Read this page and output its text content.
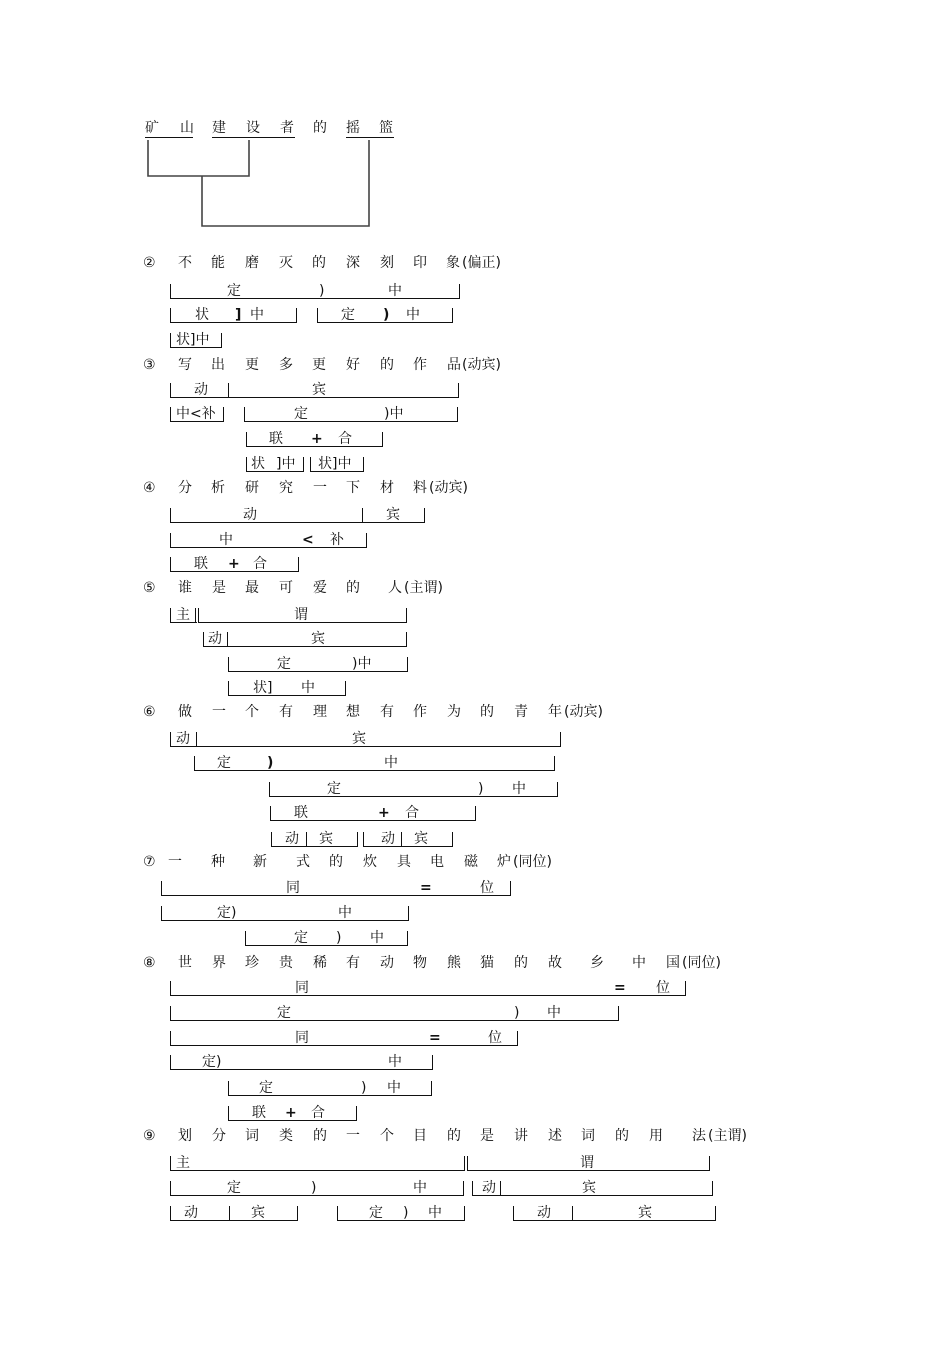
矿 山 建 设 者 的 摇 篮
② 不 能 磨 灭 的 深 刻 印 象 (偏正)
定	)	中
状 ] 中	定 ) 中
状]中
③ 写 出 更 多 更 好 的 作 品 (动宾)
动	宾
中<补	定	)中
联 + 合
状 ]中 状]中
④ 分 析 研 究 一 下 材 料 (动宾)
动	宾
中	< 补
联 + 合
⑤ 谁 是 最 可 爱 的 人 (主谓)
主	谓
动	宾
定	)中
状] 中
⑥ 做 一 个 有 理 想 有 作 为 的 青 年 (动宾)
动	宾
定	)	中
定	) 中
联	+ 合
动 宾	动 宾
⑦ 一 种 新 式 的 炊 具 电 磁 炉 (同位)
同	=	位
定)	中
定 ) 中
⑧ 世 界 珍 贵 稀 有 动 物 熊 猫 的 故 乡 中 国 (同位)
同	= 位
定	) 中
同	=	位
定)	中
定	) 中
联 + 合
⑨ 划 分 词 类 的 一 个 目 的 是 讲 述 词 的 用 法 (主谓)
主	谓
定	)	中	动	宾
动	宾	定 ) 中	动	宾
